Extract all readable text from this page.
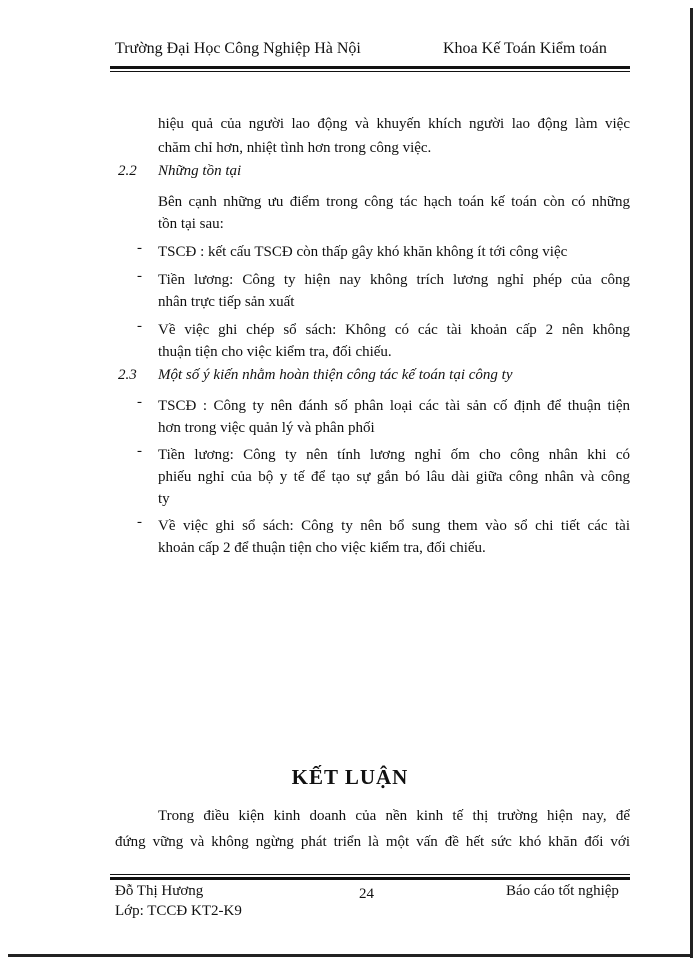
Trường Đại Học Công Nghiệp Hà Nội	Khoa Kế Toán Kiểm toán
hiệu quả của người lao động và khuyến khích người lao động làm việc
chăm chỉ hơn, nhiệt tình hơn trong công việc.
2.2 Những tồn tại
Bên cạnh những ưu điểm trong công tác hạch toán kế toán còn có những
tồn tại sau:
- TSCĐ : kết cấu TSCĐ còn thấp gây khó khăn không ít tới công việc
- Tiền lương: Công ty hiện nay không trích lương nghỉ phép của công
nhân trực tiếp sản xuất
- Về việc ghi chép sổ sách: Không có các tài khoản cấp 2 nên không
thuận tiện cho việc kiểm tra, đối chiếu.
2.3 Một số ý kiến nhằm hoàn thiện công tác kế toán tại công ty
- TSCĐ : Công ty nên đánh số phân loại các tài sản cố định để thuận tiện
hơn trong việc quản lý và phân phối
- Tiền lương: Công ty nên tính lương nghỉ ốm cho công nhân khi có
phiếu nghỉ của bộ y tế để tạo sự gắn bó lâu dài giữa công nhân và công
ty
- Về việc ghi sổ sách: Công ty nên bổ sung them vào sổ chi tiết các tài
khoản cấp 2 để thuận tiện cho việc kiểm tra, đối chiếu.
KẾT LUẬN
Trong điều kiện kinh doanh của nền kinh tế thị trường hiện nay, để
đứng vững và không ngừng phát triển là một vấn đề hết sức khó khăn đối với
Đỗ Thị Hương	24	Báo cáo tốt nghiệp
Lớp: TCCĐ KT2-K9
